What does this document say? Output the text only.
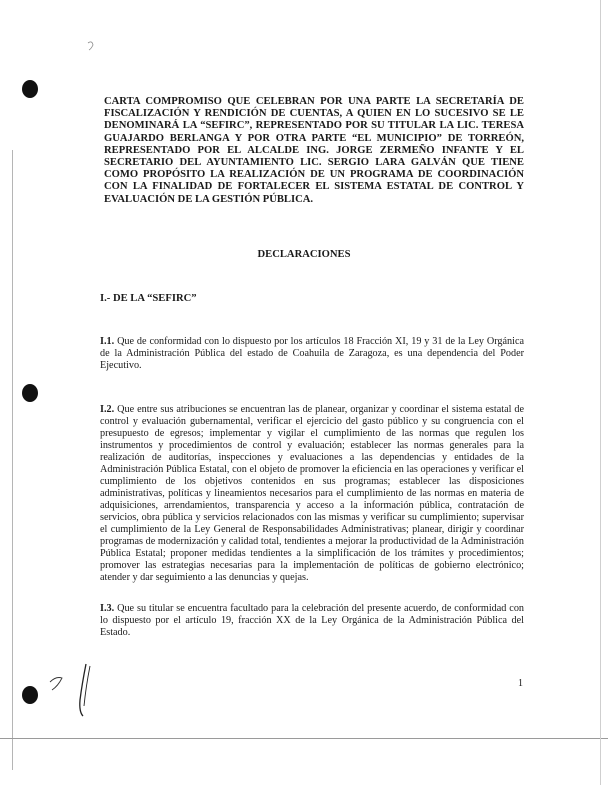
CARTA COMPROMISO QUE CELEBRAN POR UNA PARTE LA SECRETARÍA DE FISCALIZACIÓN Y RENDICIÓN DE CUENTAS, A QUIEN EN LO SUCESIVO SE LE DENOMINARÁ LA “SEFIRC”, REPRESENTADO POR SU TITULAR LA LIC. TERESA GUAJARDO BERLANGA Y POR OTRA PARTE “EL MUNICIPIO” DE TORREÓN, REPRESENTADO POR EL ALCALDE ING. JORGE ZERMEÑO INFANTE Y EL SECRETARIO DEL AYUNTAMIENTO LIC. SERGIO LARA GALVÁN QUE TIENE COMO PROPÓSITO LA REALIZACIÓN DE UN PROGRAMA DE COORDINACIÓN CON LA FINALIDAD DE FORTALECER EL SISTEMA ESTATAL DE CONTROL Y EVALUACIÓN DE LA GESTIÓN PÚBLICA.
DECLARACIONES
I.- DE LA “SEFIRC”
I.1. Que de conformidad con lo dispuesto por los artículos 18 Fracción XI, 19 y 31 de la Ley Orgánica de la Administración Pública del estado de Coahuila de Zaragoza, es una dependencia del Poder Ejecutivo.
I.2. Que entre sus atribuciones se encuentran las de planear, organizar y coordinar el sistema estatal de control y evaluación gubernamental, verificar el ejercicio del gasto público y su congruencia con el presupuesto de egresos; implementar y vigilar el cumplimiento de las normas que regulen los instrumentos y procedimientos de control y evaluación; establecer las normas generales para la realización de auditorías, inspecciones y evaluaciones a las dependencias y entidades de la Administración Pública Estatal, con el objeto de promover la eficiencia en las operaciones y verificar el cumplimiento de los objetivos contenidos en sus programas; establecer las disposiciones administrativas, políticas y lineamientos necesarios para el cumplimiento de las normas en materia de adquisiciones, arrendamientos, transparencia y acceso a la información pública, contratación de servicios, obra pública y servicios relacionados con las mismas y verificar su cumplimiento; supervisar el cumplimiento de la Ley General de Responsabilidades Administrativas; planear, dirigir y coordinar programas de modernización y calidad total, tendientes a mejorar la productividad de la Administración Pública Estatal; proponer medidas tendientes a la simplificación de los trámites y procedimientos; promover las estrategias necesarias para la implementación de políticas de gobierno electrónico; atender y dar seguimiento a las denuncias y quejas.
I.3. Que su titular se encuentra facultado para la celebración del presente acuerdo, de conformidad con lo dispuesto por el artículo 19, fracción XX de la Ley Orgánica de la Administración Pública del Estado.
1
